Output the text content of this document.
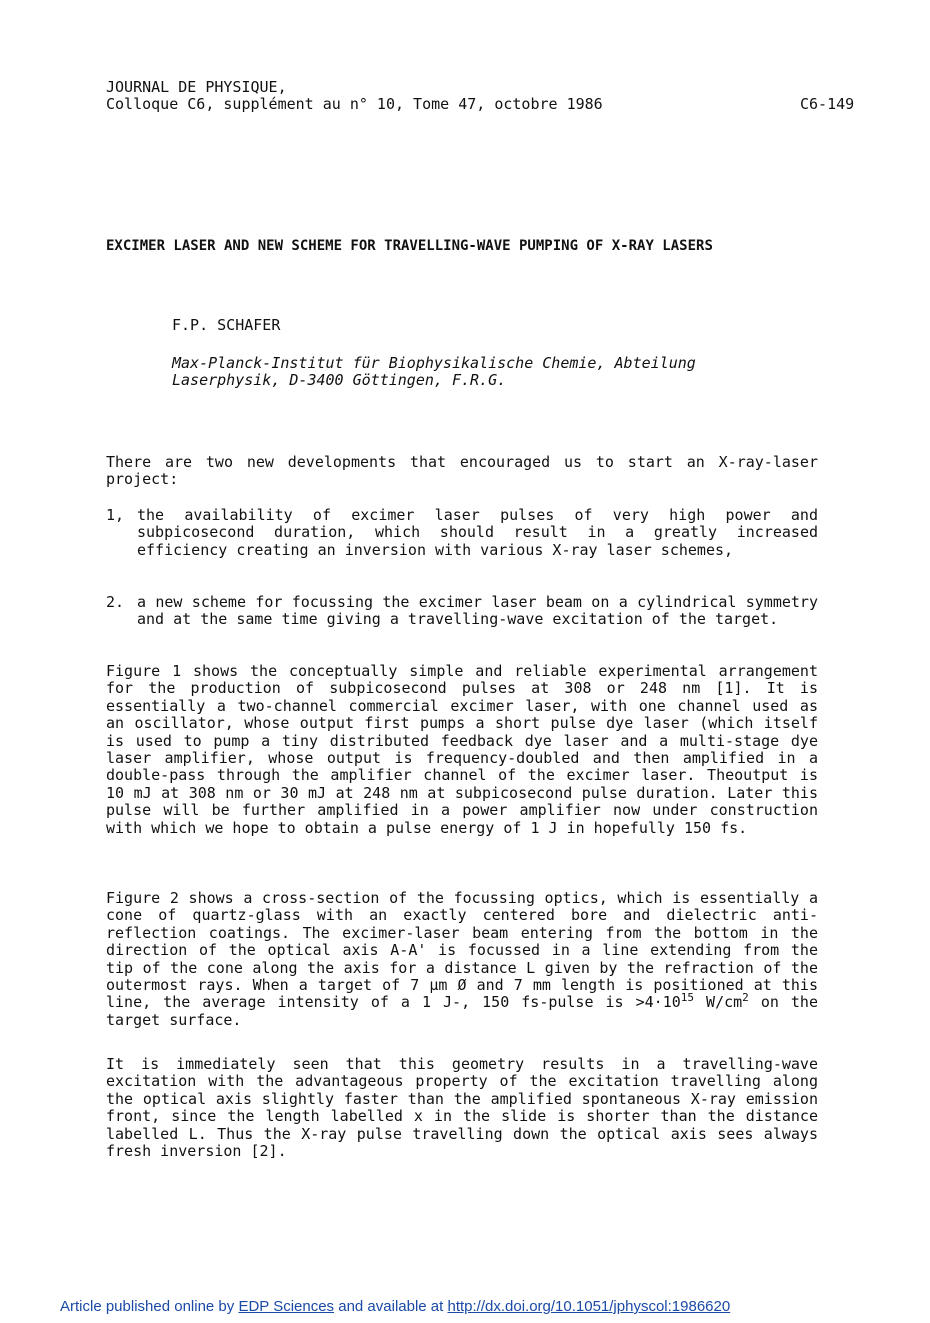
JOURNAL DE PHYSIQUE,
Colloque C6, supplément au n° 10, Tome 47, octobre 1986	C6-149
EXCIMER LASER AND NEW SCHEME FOR TRAVELLING-WAVE PUMPING OF X-RAY LASERS
F.P. SCHAFER
Max-Planck-Institut für Biophysikalische Chemie, Abteilung
Laserphysik, D-3400 Göttingen, F.R.G.
There are two new developments that encouraged us to start an X-ray-laser project:
1, the availability of excimer laser pulses of very high power and subpicosecond duration, which should result in a greatly increased efficiency creating an inversion with various X-ray laser schemes,
2. a new scheme for focussing the excimer laser beam on a cylindrical symmetry and at the same time giving a travelling-wave excitation of the target.
Figure 1 shows the conceptually simple and reliable experimental arrangement for the production of subpicosecond pulses at 308 or 248 nm [1]. It is essentially a two-channel commercial excimer laser, with one channel used as an oscillator, whose output first pumps a short pulse dye laser (which itself is used to pump a tiny distributed feedback dye laser and a multi-stage dye laser amplifier, whose output is frequency-doubled and then amplified in a double-pass through the amplifier channel of the excimer laser. Theoutput is 10 mJ at 308 nm or 30 mJ at 248 nm at subpicosecond pulse duration. Later this pulse will be further amplified in a power amplifier now under construction with which we hope to obtain a pulse energy of 1 J in hopefully 150 fs.
Figure 2 shows a cross-section of the focussing optics, which is essentially a cone of quartz-glass with an exactly centered bore and dielectric anti-reflection coatings. The excimer-laser beam entering from the bottom in the direction of the optical axis A-A' is focussed in a line extending from the tip of the cone along the axis for a distance L given by the refraction of the outermost rays. When a target of 7 µm Ø and 7 mm length is positioned at this line, the average intensity of a 1 J-, 150 fs-pulse is $>4\cdot 10^{15}$ $W/cm^2$ on the target surface.
It is immediately seen that this geometry results in a travelling-wave excitation with the advantageous property of the excitation travelling along the optical axis slightly faster than the amplified spontaneous X-ray emission front, since the length labelled x in the slide is shorter than the distance labelled L. Thus the X-ray pulse travelling down the optical axis sees always fresh inversion [2].
Article published online by EDP Sciences and available at http://dx.doi.org/10.1051/jphyscol:1986620
